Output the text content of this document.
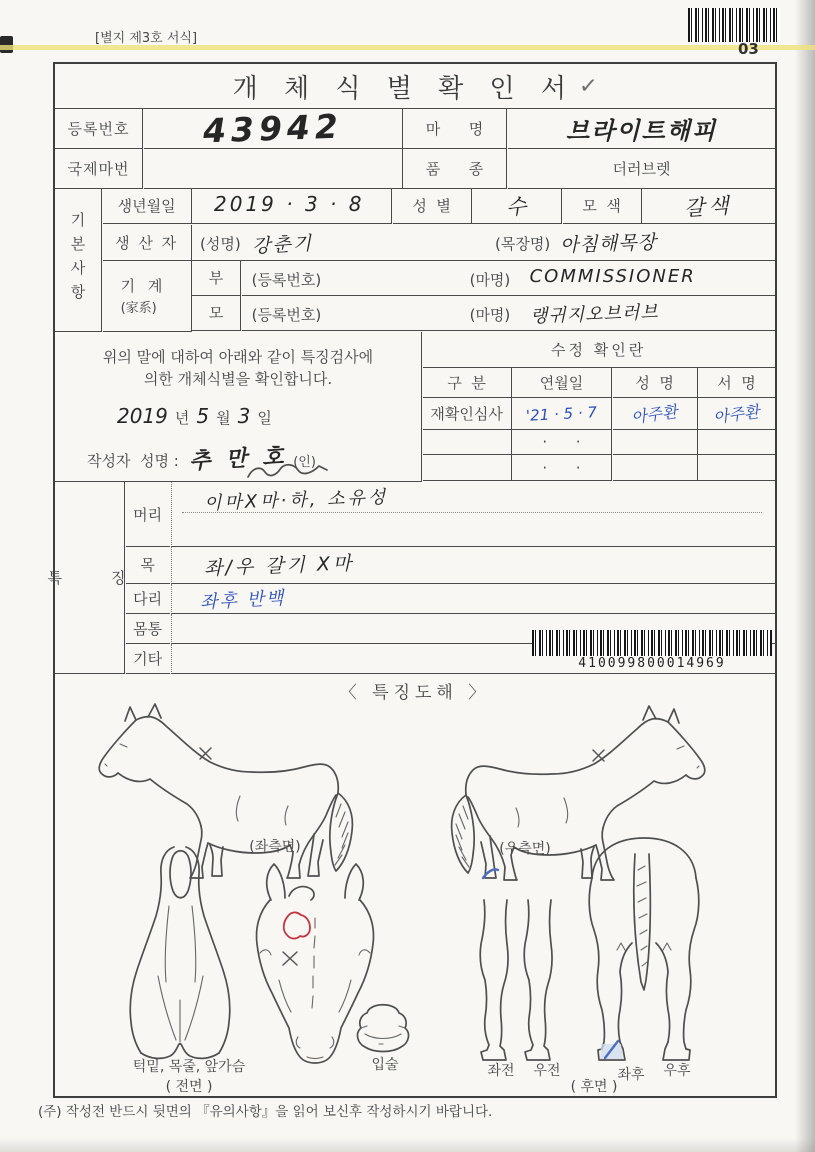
[별지 제3호 서식]
03
개 체 식 별 확 인 서 ✓
등록번호	43942	마      명	브라이트해피
국제마번	품      종	더러브렛
기본사항
생년월일	2019 · 3 · 8	성  별	수	모  색	갈색
생 산 자	(성명) 강춘기	(목장명) 아침해목장
기 계
(家系)
부	(등록번호)	(마명) COMMISSIONER
모	(등록번호)	(마명) 랭귀지오브러브
위의 말에 대하여 아래와 같이 특징검사에
의한 개체식별을 확인합니다.
2019 년 5 월 3 일
작성자  성명 : 추  만  호 (인)
수정 확인란
구  분	연월일	성  명	서  명
재확인심사	'21 · 5 · 7 아주환 아주환
·      ·
·      ·
특    징
머리
이마X마·하, 소유성
목	좌/우 갈기 X마
다리	좌후 반백
몸통
기타	410099800014969
〈 특징도해 〉
(좌측면)	(우측면)
턱밑, 목줄, 앞가슴
( 전면 )
입술	좌전	우전
( 후면 )
좌후	우후
(주) 작성전 반드시 뒷면의 『유의사항』을 읽어 보신후 작성하시기 바랍니다.
